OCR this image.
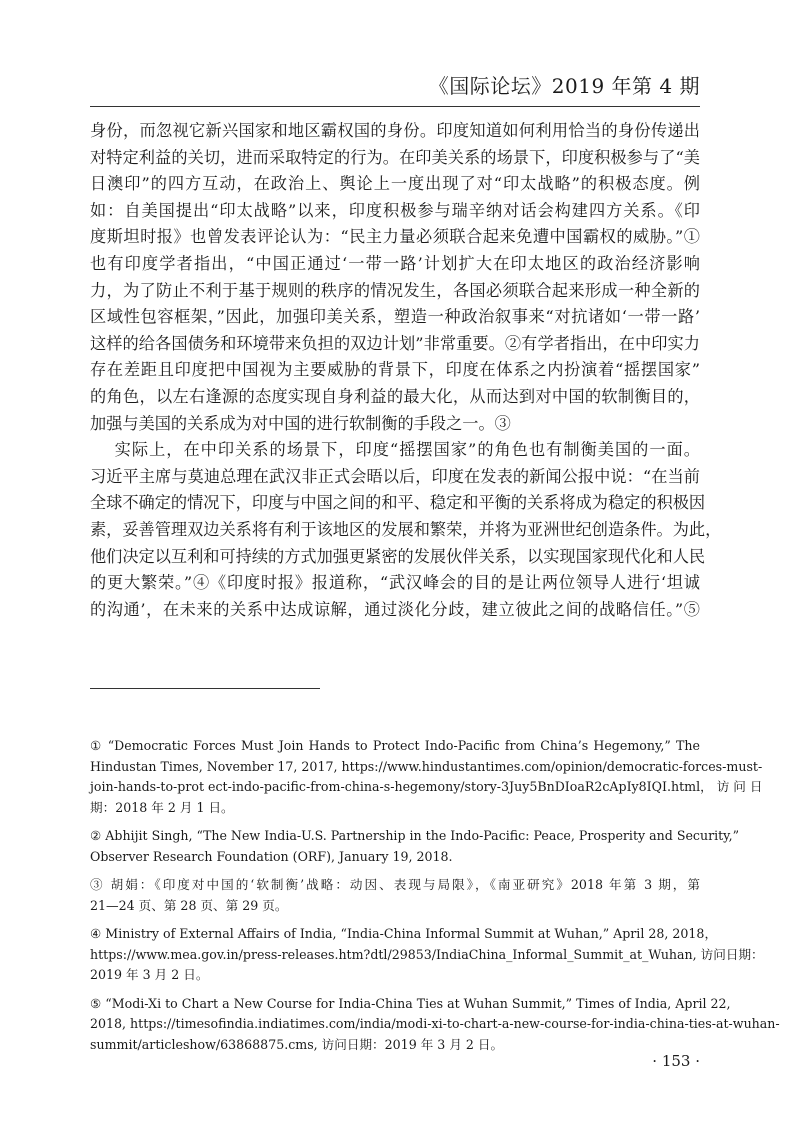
《国际论坛》2019 年第 4 期
身份，而忽视它新兴国家和地区霸权国的身份。印度知道如何利用恰当的身份传递出
对特定利益的关切，进而采取特定的行为。在印美关系的场景下，印度积极参与了“美
日澳印”的四方互动，在政治上、舆论上一度出现了对“印太战略”的积极态度。例
如：自美国提出“印太战略”以来，印度积极参与瑞辛纳对话会构建四方关系。《印
度斯坦时报》也曾发表评论认为：“民主力量必须联合起来免遭中国霸权的威胁。”①
也有印度学者指出，“中国正通过‘一带一路’计划扩大在印太地区的政治经济影响
力，为了防止不利于基于规则的秩序的情况发生，各国必须联合起来形成一种全新的
区域性包容框架，”因此，加强印美关系，塑造一种政治叙事来“对抗诸如‘一带一路’
这样的给各国债务和环境带来负担的双边计划”非常重要。②有学者指出，在中印实力
存在差距且印度把中国视为主要威胁的背景下，印度在体系之内扮演着“摇摆国家”
的角色，以左右逢源的态度实现自身利益的最大化，从而达到对中国的软制衡目的，
加强与美国的关系成为对中国的进行软制衡的手段之一。③
实际上，在中印关系的场景下，印度“摇摆国家”的角色也有制衡美国的一面。
习近平主席与莫迪总理在武汉非正式会晤以后，印度在发表的新闻公报中说：“在当前
全球不确定的情况下，印度与中国之间的和平、稳定和平衡的关系将成为稳定的积极因
素，妥善管理双边关系将有利于该地区的发展和繁荣，并将为亚洲世纪创造条件。为此，
他们决定以互利和可持续的方式加强更紧密的发展伙伴关系，以实现国家现代化和人民
的更大繁荣。”④《印度时报》报道称，“武汉峰会的目的是让两位领导人进行‘坦诚
的沟通’，在未来的关系中达成谅解，通过淡化分歧，建立彼此之间的战略信任。”⑤
① “Democratic Forces Must Join Hands to Protect Indo-Pacific from China’s Hegemony,” The
Hindustan Times, November 17, 2017, https://www.hindustantimes.com/opinion/democratic-forces-must-
join-hands-to-prot ect-indo-pacific-from-china-s-hegemony/story-3Juy5BnDIoaR2cApIy8IQI.html， 访 问 日
期：2018 年 2 月 1 日。
② Abhijit Singh, “The New India-U.S. Partnership in the Indo-Pacific: Peace, Prosperity and Security,”
Observer Research Foundation (ORF), January 19, 2018.
③ 胡娟：《印度对中国的‘软制衡’战略：动因、表现与局限》，《南亚研究》2018 年第 3 期，第
21—24 页、第 28 页、第 29 页。
④ Ministry of External Affairs of India, “India-China Informal Summit at Wuhan,” April 28, 2018，
https://www.mea.gov.in/press-releases.htm?dtl/29853/IndiaChina_Informal_Summit_at_Wuhan, 访问日期：
2019 年 3 月 2 日。
⑤ “Modi-Xi to Chart a New Course for India-China Ties at Wuhan Summit,” Times of India, April 22,
2018, https://timesofindia.indiatimes.com/india/modi-xi-to-chart-a-new-course-for-india-china-ties-at-wuhan-
summit/articleshow/63868875.cms, 访问日期：2019 年 3 月 2 日。
· 153 ·
